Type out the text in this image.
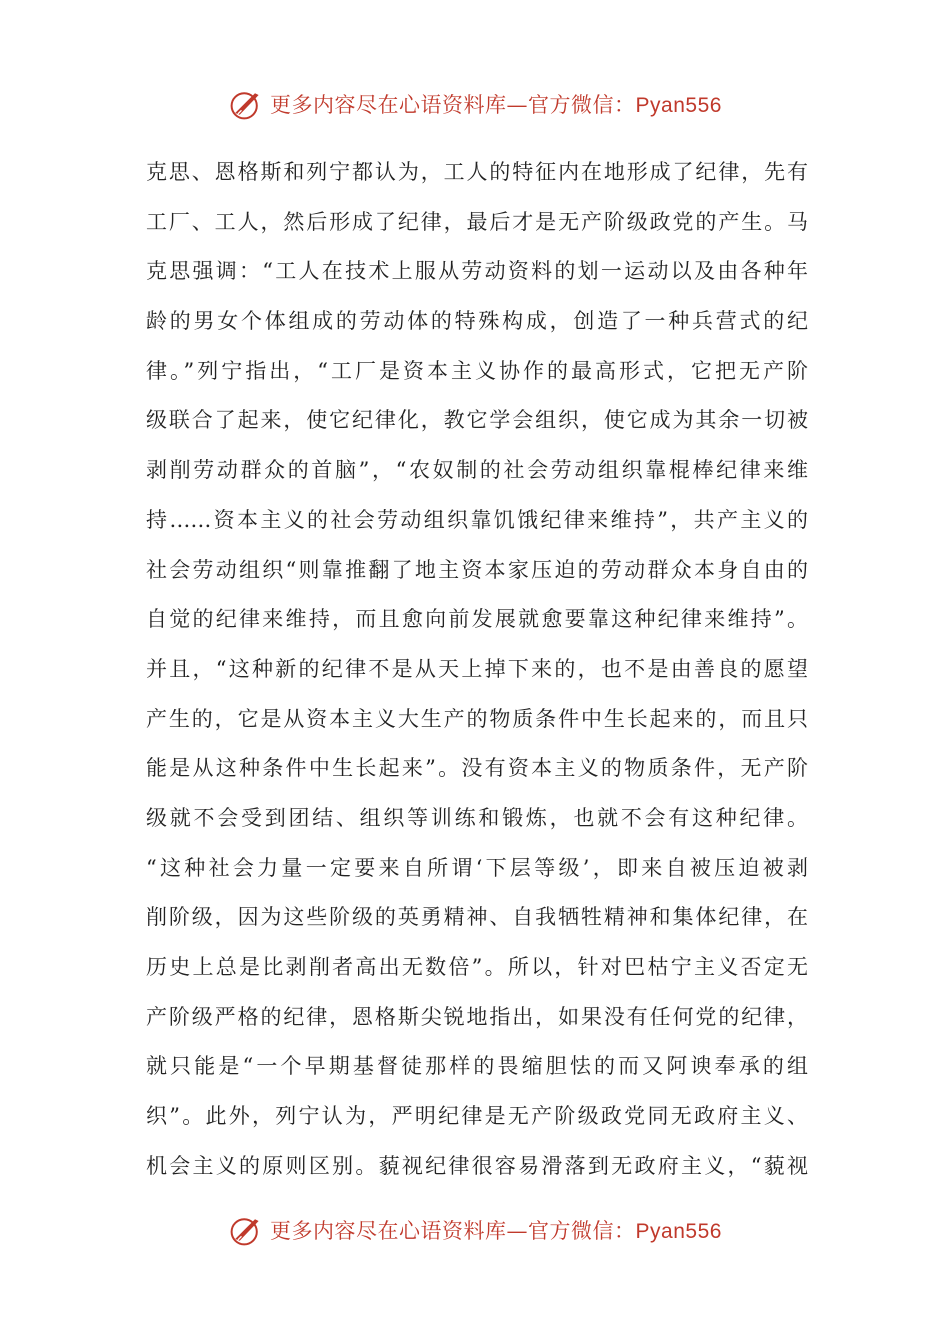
更多内容尽在心语资料库—官方微信：Pyan556
克思、恩格斯和列宁都认为，工人的特征内在地形成了纪律，先有
工厂、工人，然后形成了纪律，最后才是无产阶级政党的产生。马
克思强调：“工人在技术上服从劳动资料的划一运动以及由各种年
龄的男女个体组成的劳动体的特殊构成，创造了一种兵营式的纪
律。”列宁指出，“工厂是资本主义协作的最高形式，它把无产阶
级联合了起来，使它纪律化，教它学会组织，使它成为其余一切被
剥削劳动群众的首脑”，“农奴制的社会劳动组织靠棍棒纪律来维
持……资本主义的社会劳动组织靠饥饿纪律来维持”，共产主义的
社会劳动组织“则靠推翻了地主资本家压迫的劳动群众本身自由的
自觉的纪律来维持，而且愈向前发展就愈要靠这种纪律来维持”。
并且，“这种新的纪律不是从天上掉下来的，也不是由善良的愿望
产生的，它是从资本主义大生产的物质条件中生长起来的，而且只
能是从这种条件中生长起来”。没有资本主义的物质条件，无产阶
级就不会受到团结、组织等训练和锻炼，也就不会有这种纪律。
“这种社会力量一定要来自所谓‘下层等级’，即来自被压迫被剥
削阶级，因为这些阶级的英勇精神、自我牺牲精神和集体纪律，在
历史上总是比剥削者高出无数倍”。所以，针对巴枯宁主义否定无
产阶级严格的纪律，恩格斯尖锐地指出，如果没有任何党的纪律，
就只能是“一个早期基督徒那样的畏缩胆怯的而又阿谀奉承的组
织”。此外，列宁认为，严明纪律是无产阶级政党同无政府主义、
机会主义的原则区别。藐视纪律很容易滑落到无政府主义，“藐视
更多内容尽在心语资料库—官方微信：Pyan556
